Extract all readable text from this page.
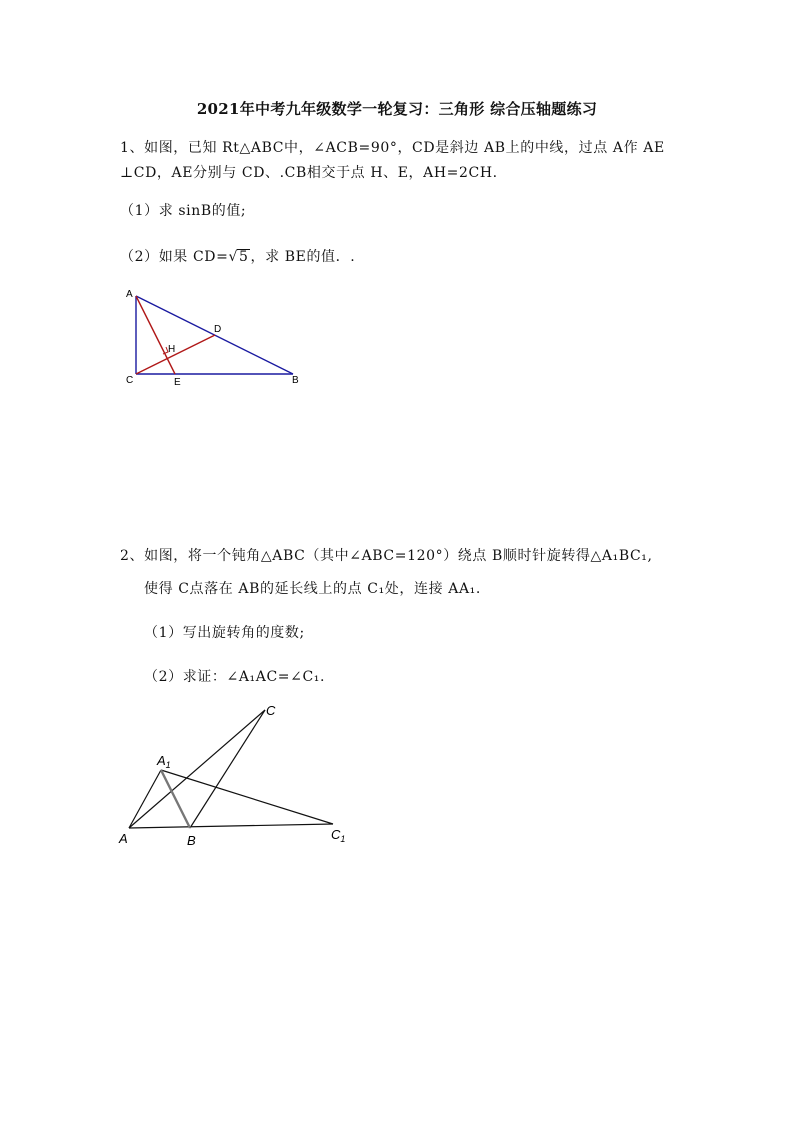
2021年中考九年级数学一轮复习：三角形 综合压轴题练习
1、如图，已知 Rt△ABC中，∠ACB=90°，CD是斜边 AB上的中线，过点 A作 AE
⊥CD，AE分别与 CD、.CB相交于点 H、E，AH=2CH.
（1）求 sinB的值;
（2）如果 CD=√5 ，求 BE的值．.
A
C	E	B
D
H
2、如图，将一个钝角△ABC（其中∠ABC=120°）绕点 B顺时针旋转得△A₁BC₁,
使得 C点落在 AB的延长线上的点 C₁处，连接 AA₁.
（1）写出旋转角的度数;
（2）求证：∠A₁AC=∠C₁.
C
$A_1$
A	B	$C_1$
